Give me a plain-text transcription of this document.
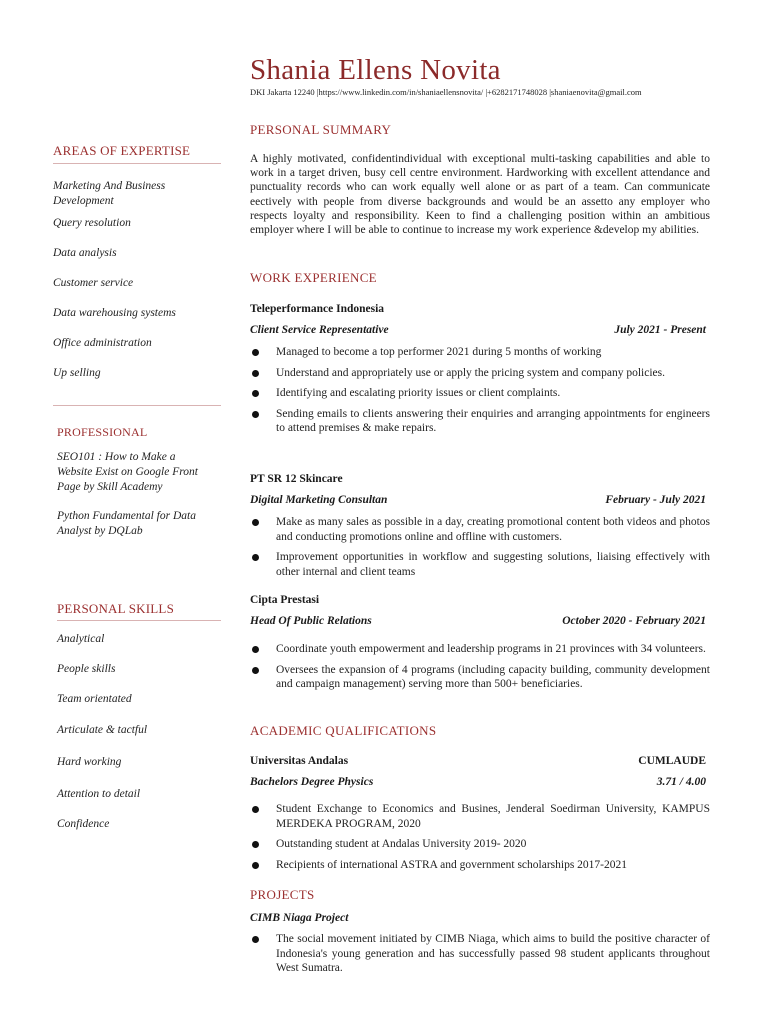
Shania Ellens Novita
DKI Jakarta 12240 |https://www.linkedin.com/in/shaniaellensnovita/ |+6282171748028 |shaniaenovita@gmail.com
AREAS OF EXPERTISE
Marketing And Business Development
Query resolution
Data analysis
Customer service
Data warehousing systems
Office administration
Up selling
PROFESSIONAL
SEO101 : How to Make a Website Exist on Google Front Page by Skill Academy
Python Fundamental for Data Analyst by DQLab
PERSONAL SKILLS
Analytical
People skills
Team orientated
Articulate & tactful
Hard working
Attention to detail
Confidence
PERSONAL SUMMARY
A highly motivated, confidentindividual with exceptional multi-tasking capabilities and able to work in a target driven, busy cell centre environment. Hardworking with excellent attendance and punctuality records who can work equally well alone or as part of a team. Can communicate eectively with people from diverse backgrounds and would be an assetto any employer who respects loyalty and responsibility. Keen to find a challenging position within an ambitious employer where I will be able to continue to increase my work experience &develop my abilities.
WORK EXPERIENCE
Teleperformance Indonesia
Client Service Representative	July 2021 - Present
Managed to become a top performer 2021 during 5 months of working
Understand and appropriately use or apply the pricing system and company policies.
Identifying and escalating priority issues or client complaints.
Sending emails to clients answering their enquiries and arranging appointments for engineers to attend premises & make repairs.
PT SR 12 Skincare
Digital Marketing Consultan	February - July 2021
Make as many sales as possible in a day, creating promotional content both videos and photos and conducting promotions online and offline with customers.
Improvement opportunities in workflow and suggesting solutions, liaising effectively with other internal and client teams
Cipta Prestasi
Head Of Public Relations	October 2020 - February 2021
Coordinate youth empowerment and leadership programs in 21 provinces with 34 volunteers.
Oversees the expansion of 4 programs (including capacity building, community development and campaign management) serving more than 500+ beneficiaries.
ACADEMIC QUALIFICATIONS
Universitas Andalas	CUMLAUDE
Bachelors Degree Physics	3.71 / 4.00
Student Exchange to Economics and Busines, Jenderal Soedirman University, KAMPUS MERDEKA PROGRAM, 2020
Outstanding student at Andalas University 2019- 2020
Recipients of international ASTRA and government scholarships 2017-2021
PROJECTS
CIMB Niaga Project
The social movement initiated by CIMB Niaga, which aims to build the positive character of Indonesia's young generation and has successfully passed 98 student applicants throughout West Sumatra.
